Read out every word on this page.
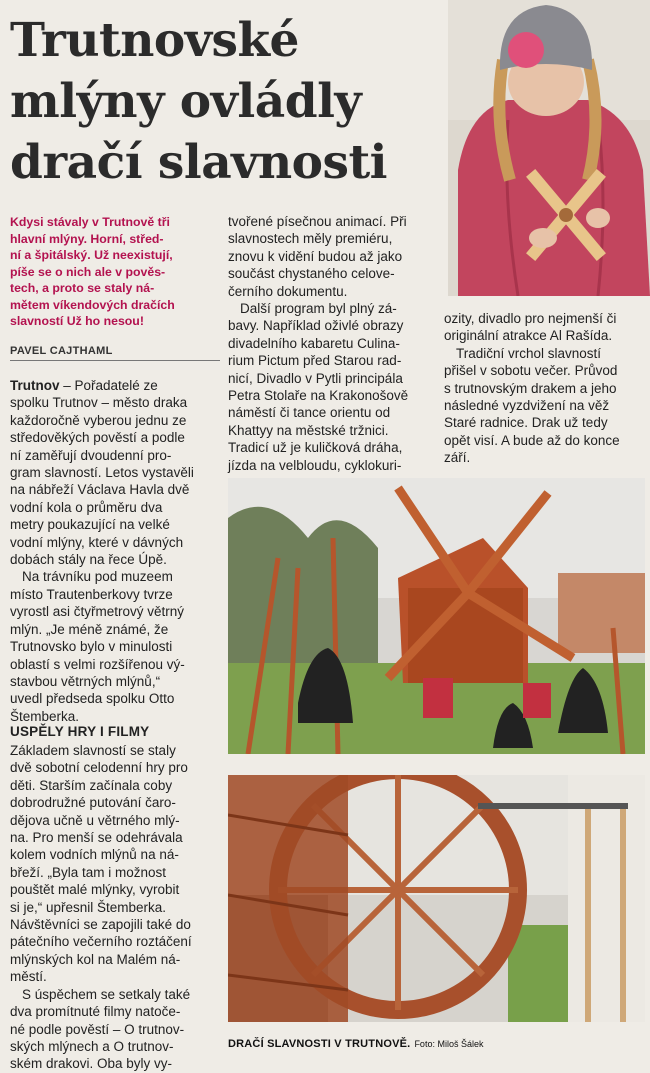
Trutnovské
mlýny ovládly
dračí slavnosti
Kdysi stávaly v Trutnově tři
hlavní mlýny. Horní, střed-
ní a špitálský. Už neexistují,
píše se o nich ale v pověs-
tech, a proto se staly ná-
mětem víkendových dračích
slavností Už ho nesou!
PAVEL CAJTHAML
Trutnov – Pořadatelé ze
spolku Trutnov – město draka
každoročně vyberou jednu ze
středověkých pověstí a podle
ní zaměřují dvoudenní pro-
gram slavností. Letos vystavěli
na nábřeží Václava Havla dvě
vodní kola o průměru dva
metry poukazující na velké
vodní mlýny, které v dávných
dobách stály na řece Úpě.
Na trávníku pod muzeem
místo Trautenberkovy tvrze
vyrostl asi čtyřmetrový větrný
mlýn. „Je méně známé, že
Trutnovsko bylo v minulosti
oblastí s velmi rozšířenou vý-
stavbou větrných mlýnů,“
uvedl předseda spolku Otto
Štemberka.
USPĚLY HRY I FILMY
Základem slavností se staly
dvě sobotní celodenní hry pro
děti. Starším začínala coby
dobrodružné putování čaro-
dějova učně u větrného mlý-
na. Pro menší se odehrávala
kolem vodních mlýnů na ná-
břeží. „Byla tam i možnost
pouštět malé mlýnky, vyrobit
si je,“ upřesnil Štemberka.
Návštěvníci se zapojili také do
pátečního večerního roztáčení
mlýnských kol na Malém ná-
městí.
S úspěchem se setkaly také
dva promítnuté filmy natoče-
né podle pověstí – O trutnov-
ských mlýnech a O trutnov-
ském drakovi. Oba byly vy-
tvořené písečnou animací. Při
slavnostech měly premiéru,
znovu k vidění budou až jako
součást chystaného celove-
černího dokumentu.
Další program byl plný zá-
bavy. Například oživlé obrazy
divadelního kabaretu Culina-
rium Pictum před Starou rad-
nicí, Divadlo v Pytli principála
Petra Stolaře na Krakonošově
náměstí či tance orientu od
Khattyy na městské tržnici.
Tradicí už je kuličková dráha,
jízda na velbloudu, cyklokuri-
ozity, divadlo pro nejmenší či
originální atrakce Al Rašída.
Tradiční vrchol slavností
přišel v sobotu večer. Průvod
s trutnovským drakem a jeho
následné vyzdvižení na věž
Staré radnice. Drak už tedy
opět visí. A bude až do konce
září.
DRAČÍ SLAVNOSTI V TRUTNOVĚ. Foto: Miloš Šálek
